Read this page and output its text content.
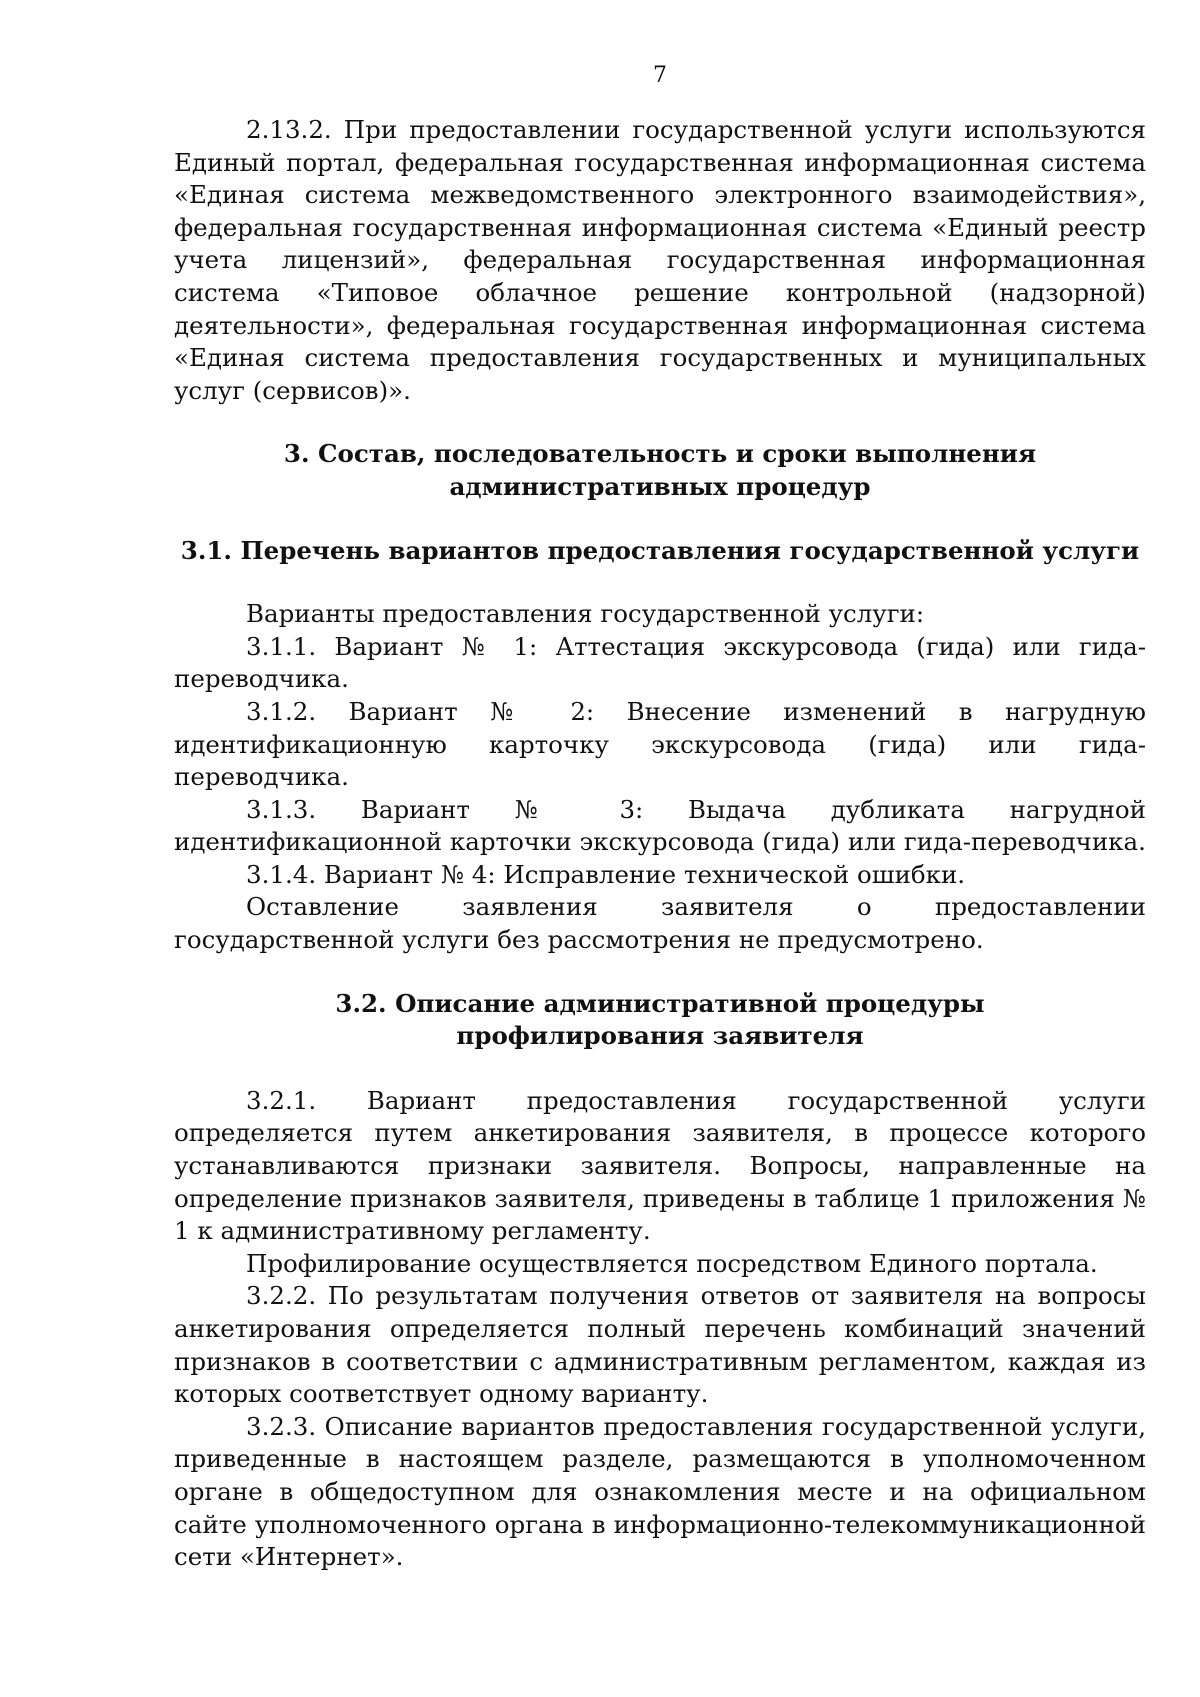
7

2.13.2. При предоставлении государственной услуги используются Единый портал, федеральная государственная информационная система «Единая система межведомственного электронного взаимодействия», федеральная государственная информационная система «Единый реестр учета лицензий», федеральная государственная информационная система «Типовое облачное решение контрольной (надзорной) деятельности», федеральная государственная информационная система «Единая система предоставления государственных и муниципальных услуг (сервисов)».

3. Состав, последовательность и сроки выполнения
административных процедур
3.1. Перечень вариантов предоставления государственной услуги

Варианты предоставления государственной услуги:

3.1.1. Вариант № 1: Аттестация экскурсовода (гида) или гида- переводчика.

3.1.2. Вариант № 2: Внесение изменений в нагрудную идентификационную карточку экскурсовода (гида) или гида-переводчика.

3.1.3. Вариант № 3: Выдача дубликата нагрудной идентификационной карточки экскурсовода (гида) или гида-переводчика.

3.1.4. Вариант № 4: Исправление технической ошибки.

Оставление заявления заявителя о предоставлении государственной услуги без рассмотрения не предусмотрено.

3.2. Описание административной процедуры
профилирования заявителя

3.2.1. Вариант предоставления государственной услуги определяется путем анкетирования заявителя, в процессе которого устанавливаются признаки заявителя. Вопросы, направленные на определение признаков заявителя, приведены в таблице 1 приложения № 1 к административному регламенту.

Профилирование осуществляется посредством Единого портала.

3.2.2. По результатам получения ответов от заявителя на вопросы анкетирования определяется полный перечень комбинаций значений признаков в соответствии с административным регламентом, каждая из которых соответствует одному варианту.

3.2.3. Описание вариантов предоставления государственной услуги, приведенные в настоящем разделе, размещаются в уполномоченном органе в общедоступном для ознакомления месте и на официальном сайте уполномоченного органа в информационно-телекоммуникационной сети «Интернет».
